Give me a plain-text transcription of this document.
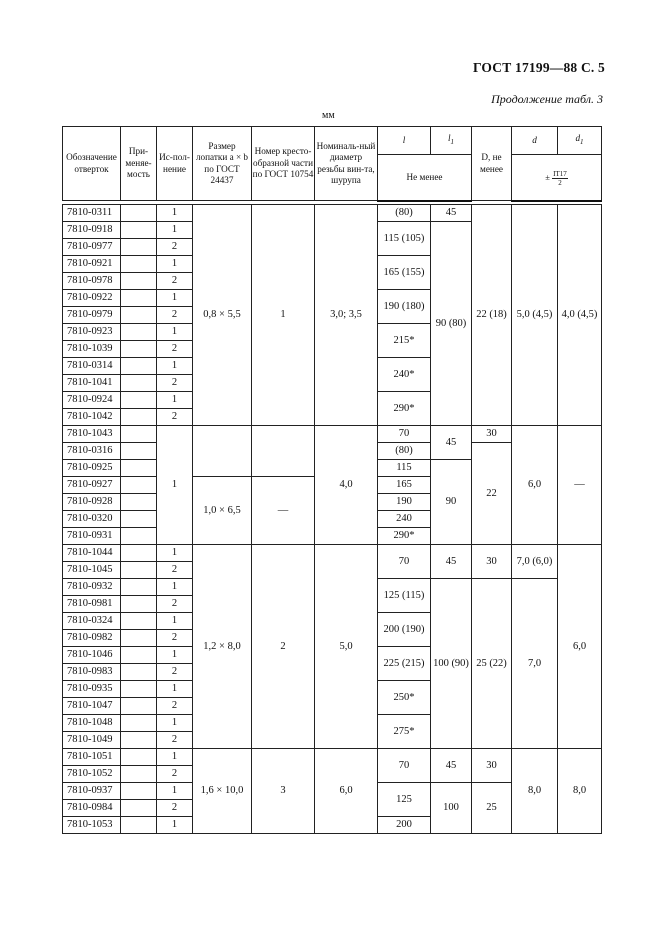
ГОСТ 17199—88 С. 5
Продолжение табл. 3
мм
Обозначение отверток	При-меняе-мость	Ис-пол-нение	Размер лопатки a × b по ГОСТ 24437	Номер кресто-образной части по ГОСТ 10754	Номиналь-ный диаметр резьбы вин-та, шурупа	l	$l_1$	D, не менее	d	$d_1$
						Не менее			± $\frac{IT17}{2}$

7810-0311		1	0,8 × 5,5	1	3,0; 3,5	(80)	45	22 (18)	5,0 (4,5)	4,0 (4,5)
7810-0918		1				115 (105)	90 (80)			
7810-0977		2								
7810-0921		1				165 (155)				
7810-0978		2								
7810-0922		1				190 (180)				
7810-0979		2								
7810-0923		1				215*				
7810-1039		2								
7810-0314		1				240*				
7810-1041		2								
7810-0924		1				290*				
7810-1042		2								
7810-1043		1			4,0	70	45	30	6,0	—
7810-0316						(80)		22		
7810-0925						115	90			
7810-0927			1,0 × 6,5	—		165				
7810-0928						190				
7810-0320						240				
7810-0931						290*				
7810-1044		1	1,2 × 8,0	2	5,0	70	45	30	7,0 (6,0)	6,0
7810-1045		2								
7810-0932		1				125 (115)	100 (90)	25 (22)	7,0	
7810-0981		2								
7810-0324		1				200 (190)				
7810-0982		2								
7810-1046		1				225 (215)				
7810-0983		2								
7810-0935		1				250*				
7810-1047		2								
7810-1048		1				275*				
7810-1049		2								
7810-1051		1	1,6 × 10,0	3	6,0	70	45	30	8,0	8,0
7810-1052		2								
7810-0937		1				125	100	25		
7810-0984		2								
7810-1053		1				200				
